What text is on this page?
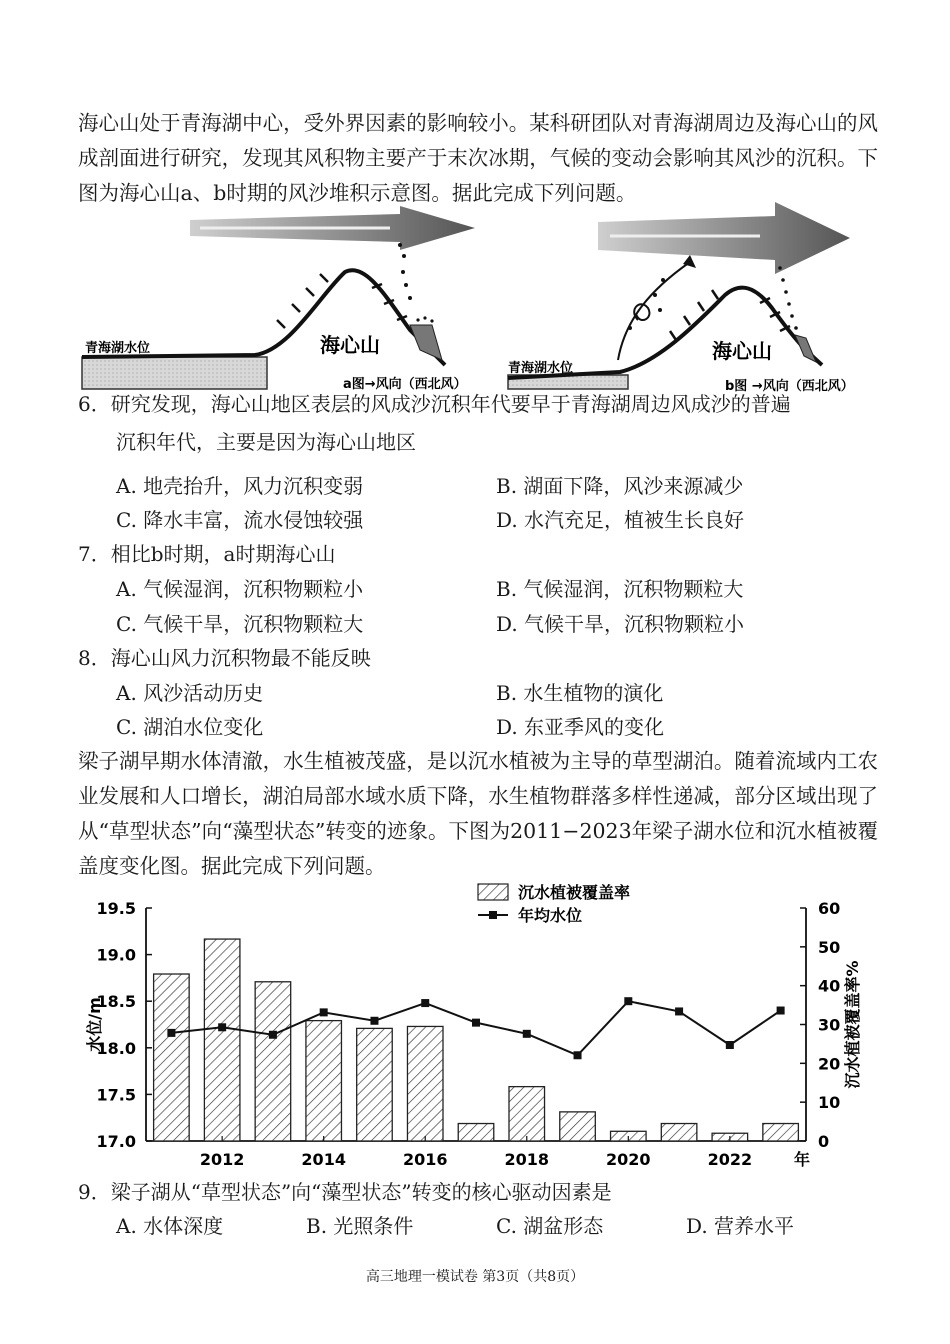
海心山处于青海湖中心，受外界因素的影响较小。某科研团队对青海湖周边及海心山的风成剖面进行研究，发现其风积物主要产于末次冰期，气候的变动会影响其风沙的沉积。下图为海心山a、b时期的风沙堆积示意图。据此完成下列问题。
青海湖水位	海心山
a图→风向（西北风）
青海湖水位
海心山
b图 →风向（西北风）
6．研究发现，海心山地区表层的风成沙沉积年代要早于青海湖周边风成沙的普遍
沉积年代，主要是因为海心山地区
A. 地壳抬升，风力沉积变弱	B. 湖面下降，风沙来源减少
C. 降水丰富，流水侵蚀较强	D. 水汽充足，植被生长良好
7．相比b时期，a时期海心山
A. 气候湿润，沉积物颗粒小	B. 气候湿润，沉积物颗粒大
C. 气候干旱，沉积物颗粒大	D. 气候干旱，沉积物颗粒小
8．海心山风力沉积物最不能反映
A. 风沙活动历史	B. 水生植物的演化
C. 湖泊水位变化	D. 东亚季风的变化
梁子湖早期水体清澈，水生植被茂盛，是以沉水植被为主导的草型湖泊。随着流域内工农业发展和人口增长，湖泊局部水域水质下降，水生植物群落多样性递减，部分区域出现了从“草型状态”向“藻型状态”转变的迹象。下图为2011−2023年梁子湖水位和沉水植被覆盖度变化图。据此完成下列问题。
17.0
17.5
18.0
18.5
19.0
19.5
0
10
20
30
40
50
60
2012	2014	2016	2018	2020	2022	年
水位/m	沉水植被覆盖率%
沉水植被覆盖率
年均水位
9．梁子湖从“草型状态”向“藻型状态”转变的核心驱动因素是
A. 水体深度	B. 光照条件	C. 湖盆形态	D. 营养水平
高三地理一模试卷 第3页（共8页）
